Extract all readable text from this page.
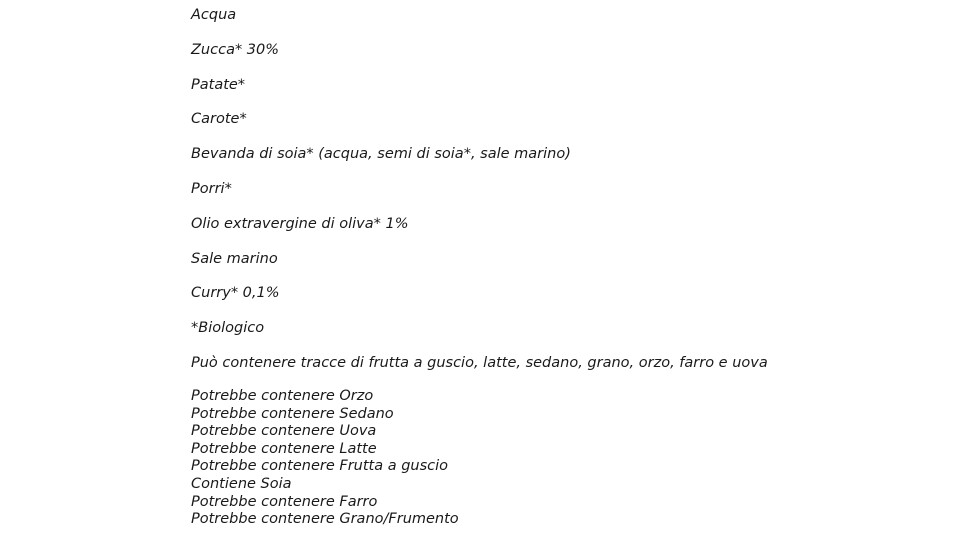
Acqua
Zucca* 30%
Patate*
Carote*
Bevanda di soia* (acqua, semi di soia*, sale marino)
Porri*
Olio extravergine di oliva* 1%
Sale marino
Curry* 0,1%
*Biologico
Può contenere tracce di frutta a guscio, latte, sedano, grano, orzo, farro e uova
Potrebbe contenere Orzo
Potrebbe contenere Sedano
Potrebbe contenere Uova
Potrebbe contenere Latte
Potrebbe contenere Frutta a guscio
Contiene Soia
Potrebbe contenere Farro
Potrebbe contenere Grano/Frumento
